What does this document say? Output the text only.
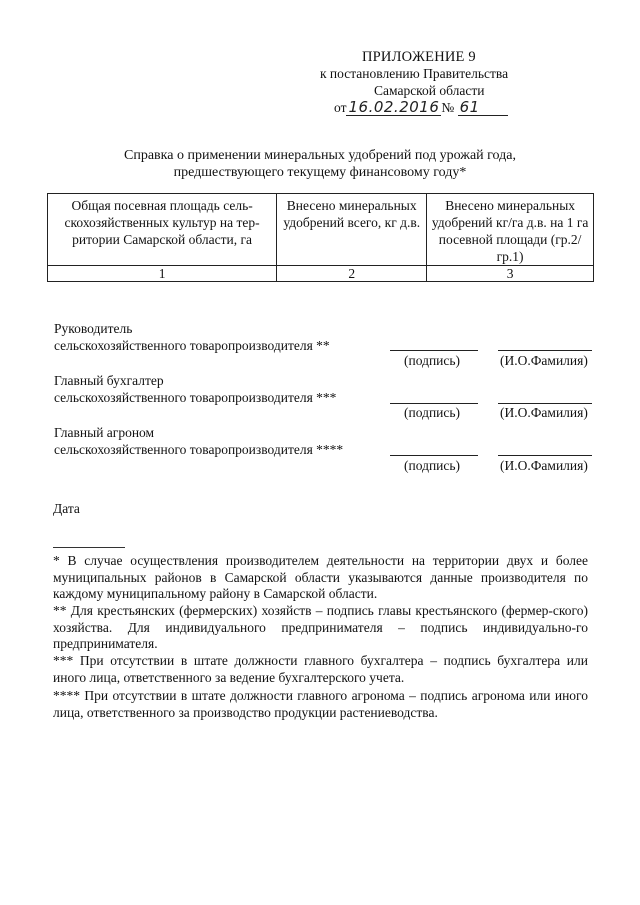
ПРИЛОЖЕНИЕ 9
к постановлению Правительства
Самарской области
от 16.02.2016 № 61
Справка о применении минеральных удобрений под урожай года,
предшествующего текущему финансовому году*
Общая посевная площадь сель-скохозяйственных культур на тер-ритории Самарской области, га	Внесено минеральных удобрений всего, кг д.в.	Внесено минеральных удобрений кг/га д.в. на 1 га посевной площади (гр.2/гр.1)
1	2	3
Руководитель
сельскохозяйственного товаропроизводителя **
(подпись)	(И.О.Фамилия)
Главный бухгалтер
сельскохозяйственного товаропроизводителя ***
(подпись)	(И.О.Фамилия)
Главный агроном
сельскохозяйственного товаропроизводителя ****
(подпись)	(И.О.Фамилия)
Дата
* В случае осуществления производителем деятельности на территории двух и более муниципальных районов в Самарской области указываются данные производителя по каждому муниципальному району в Самарской области.
** Для крестьянских (фермерских) хозяйств – подпись главы крестьянского (фермер-ского) хозяйства. Для индивидуального предпринимателя – подпись индивидуально-го предпринимателя.
*** При отсутствии в штате должности главного бухгалтера – подпись бухгалтера или иного лица, ответственного за ведение бухгалтерского учета.
**** При отсутствии в штате должности главного агронома – подпись агронома или иного лица, ответственного за производство продукции растениеводства.
